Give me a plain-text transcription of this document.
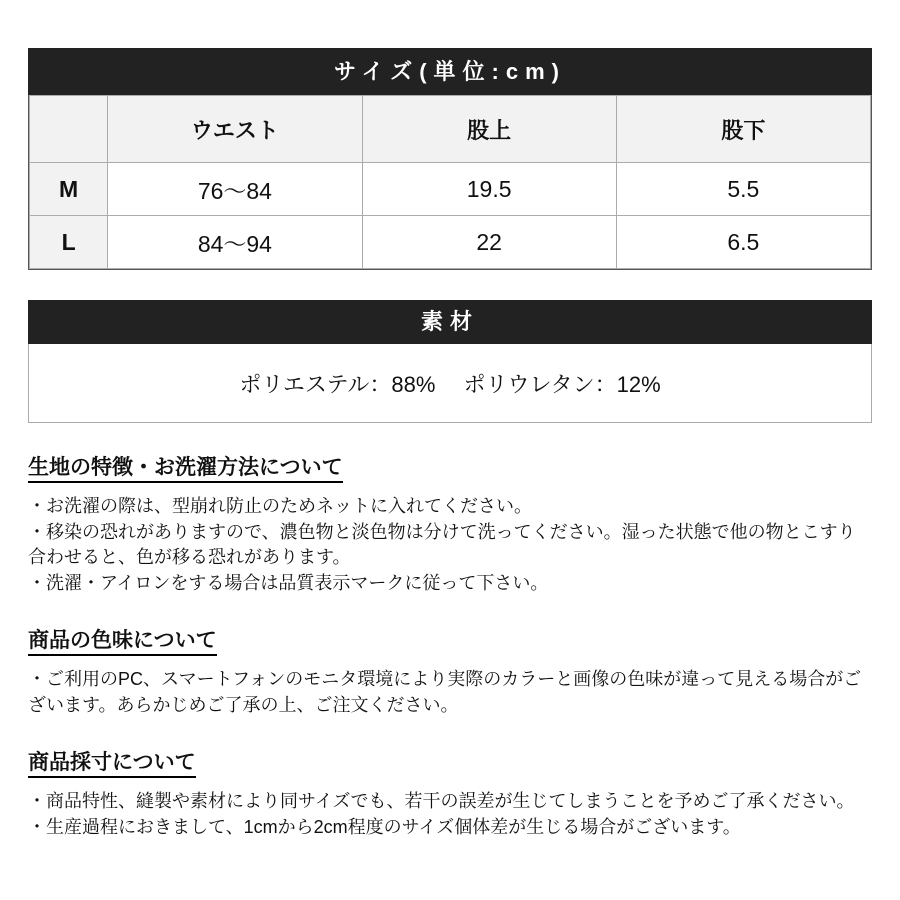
サイズ(単位:cm)
	ウエスト	股上	股下
M	76〜84	19.5	5.5
L	84〜94	22	6.5
素材
ポリエステル：88%　 ポリウレタン：12%
生地の特徴・お洗濯方法について

・お洗濯の際は、型崩れ防止のためネットに入れてください。

・移染の恐れがありますので、濃色物と淡色物は分けて洗ってください。湿った状態で他の物とこすり合わせると、色が移る恐れがあります。

・洗濯・アイロンをする場合は品質表示マークに従って下さい。

商品の色味について

・ご利用のPC、スマートフォンのモニタ環境により実際のカラーと画像の色味が違って見える場合がございます。あらかじめご了承の上、ご注文ください。

商品採寸について

・商品特性、縫製や素材により同サイズでも、若干の誤差が生じてしまうことを予めご了承ください。

・生産過程におきまして、1cmから2cm程度のサイズ個体差が生じる場合がございます。
